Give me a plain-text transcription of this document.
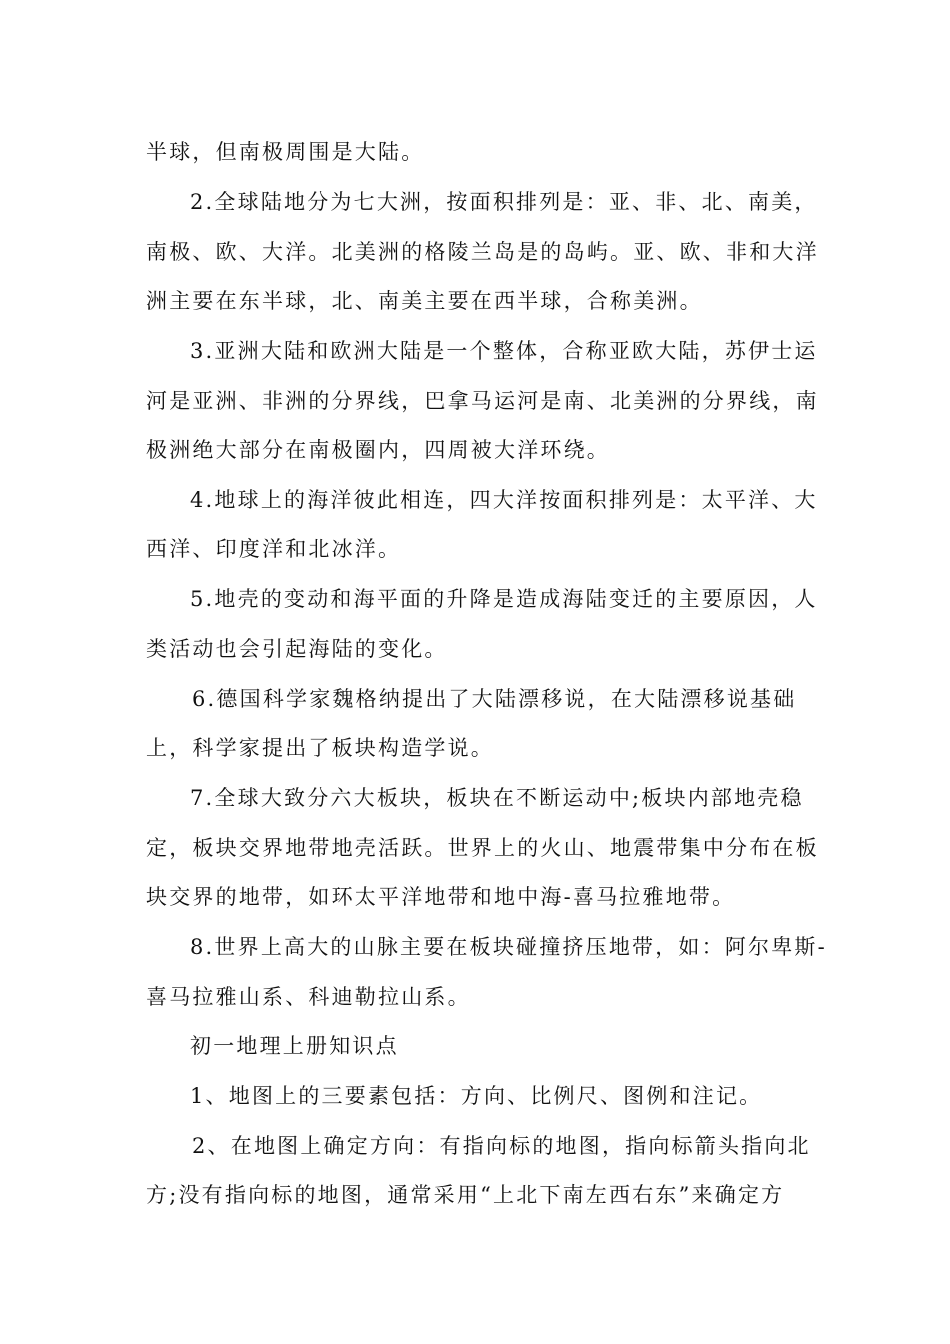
半球，但南极周围是大陆。
2.全球陆地分为七大洲，按面积排列是：亚、非、北、南美，
南极、欧、大洋。北美洲的格陵兰岛是的岛屿。亚、欧、非和大洋
洲主要在东半球，北、南美主要在西半球，合称美洲。
3.亚洲大陆和欧洲大陆是一个整体，合称亚欧大陆，苏伊士运
河是亚洲、非洲的分界线，巴拿马运河是南、北美洲的分界线，南
极洲绝大部分在南极圈内，四周被大洋环绕。
4.地球上的海洋彼此相连，四大洋按面积排列是：太平洋、大
西洋、印度洋和北冰洋。
5.地壳的变动和海平面的升降是造成海陆变迁的主要原因，人
类活动也会引起海陆的变化。
6.德国科学家魏格纳提出了大陆漂移说，在大陆漂移说基础
上，科学家提出了板块构造学说。
7.全球大致分六大板块，板块在不断运动中;板块内部地壳稳
定，板块交界地带地壳活跃。世界上的火山、地震带集中分布在板
块交界的地带，如环太平洋地带和地中海-喜马拉雅地带。
8.世界上高大的山脉主要在板块碰撞挤压地带，如：阿尔卑斯-
喜马拉雅山系、科迪勒拉山系。
初一地理上册知识点
1、地图上的三要素包括：方向、比例尺、图例和注记。
2、在地图上确定方向：有指向标的地图，指向标箭头指向北
方;没有指向标的地图，通常采用“上北下南左西右东”来确定方
